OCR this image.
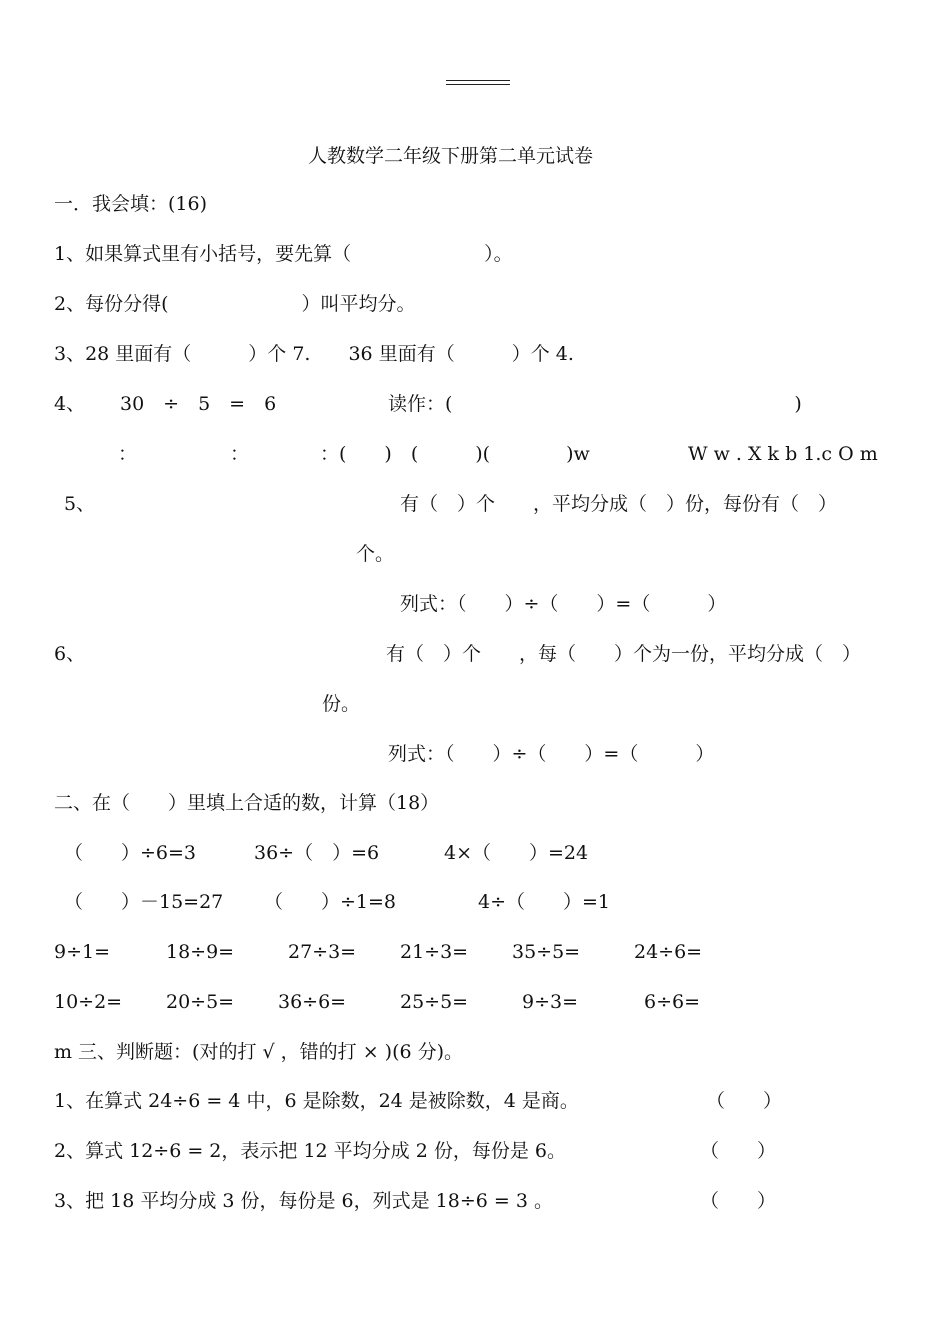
人教数学二年级下册第二单元试卷
一．我会填：(16)
1、如果算式里有小括号，要先算（　　　　　　　）。
2、每份分得(　　　　　　　）叫平均分。
3、28 里面有（　　　）个 7.　　36 里面有（　　　）个 4.
4、 30　÷　5　=　6	读作：(　　　　　　　　　　　　　　　　　　)
：	：	：(　　)　(　　　)(　　　　)w	W w . X k b 1.c O m
5、	有（　）个　　，平均分成（　）份，每份有（　）
个。
列式：（　　）÷（　　）=（　　　）
6、	有（　）个　　，每（　　）个为一份，平均分成（　）
份。
列式：（　　）÷（　　）=（　　　）
二、在（　　）里填上合适的数，计算（18）
（　　）÷6=3	36÷（　）=6	4×（　　）=24
（　　）－15=27 （　　）÷1=8	4÷（　　）=1
9÷1=	18÷9=	27÷3= 21÷3= 35÷5=	24÷6=
10÷2= 20÷5= 36÷6=	25÷5=	9÷3=	6÷6=
m 三、判断题：(对的打 √ ，错的打 × )(6 分)。
1、在算式 24÷6 = 4 中，6 是除数，24 是被除数，4 是商。	（　　）
2、算式 12÷6 = 2，表示把 12 平均分成 2 份，每份是 6。	（　　）
3、把 18 平均分成 3 份，每份是 6，列式是 18÷6 = 3 。	（　　）
